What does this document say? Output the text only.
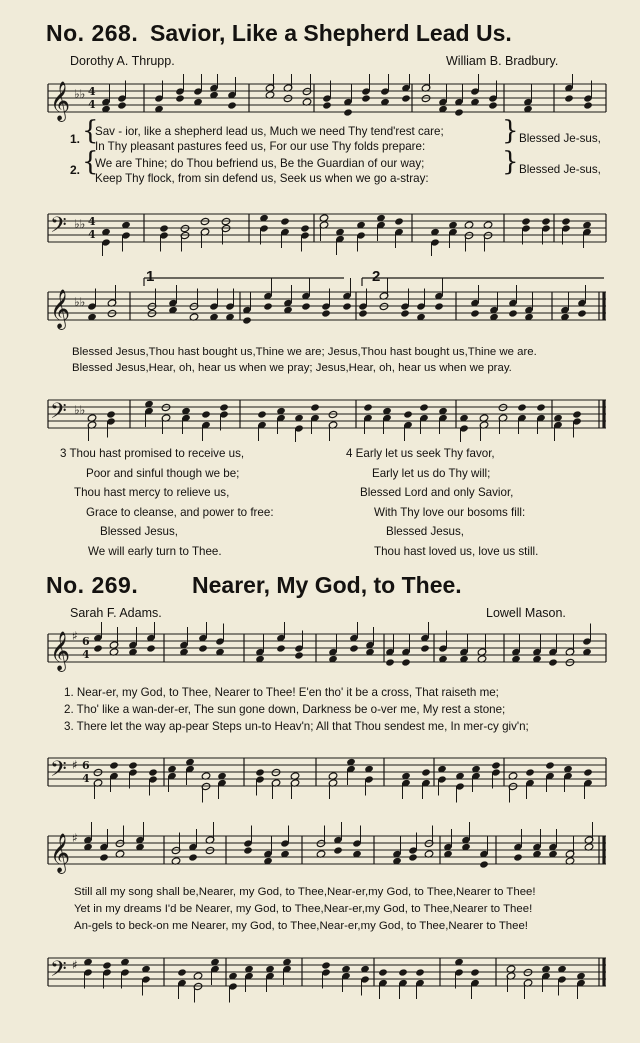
No. 268. Savior, Like a Shepherd Lead Us.
Dorothy A. Thrupp.	William B. Bradbury.
𝄞 ♭♭ 4
4
𝄢 ♭♭ 4
4
1. {
Sav - ior, like a shepherd lead us, Much we need Thy tend'rest care;
In Thy pleasant pastures feed us, For our use Thy folds prepare:
} Blessed Je-sus,
2. {
We are Thine; do Thou befriend us, Be the Guardian of our way;
Keep Thy flock, from sin defend us, Seek us when we go a-stray:
} Blessed Je-sus,
𝄞 ♭♭
1	2
Blessed Jesus,Thou hast bought us,Thine we are; Jesus,Thou hast bought us,Thine we are.
Blessed Jesus,Hear, oh, hear us when we pray; Jesus,Hear, oh, hear us when we pray.
𝄢 ♭♭
3 Thou hast promised to receive us,
Poor and sinful though we be;
Thou hast mercy to relieve us,
Grace to cleanse, and power to free:
Blessed Jesus,
We will early turn to Thee.
4 Early let us seek Thy favor,
Early let us do Thy will;
Blessed Lord and only Savior,
With Thy love our bosoms fill:
Blessed Jesus,
Thou hast loved us, love us still.
No. 269. Nearer, My God, to Thee.
Sarah F. Adams.	Lowell Mason.
𝄞 ♯ 6
4
1. Near-er, my God, to Thee, Nearer to Thee! E'en tho' it be a cross, That raiseth me;
2. Tho' like a wan-der-er, The sun gone down, Darkness be o-ver me, My rest a stone;
3. There let the way ap-pear Steps un-to Heav'n; All that Thou sendest me, In mer-cy giv'n;
𝄢 ♯ 6
4
𝄞 ♯
Still all my song shall be,Nearer, my God, to Thee,Near-er,my God, to Thee,Nearer to Thee!
Yet in my dreams I'd be Nearer, my God, to Thee,Near-er,my God, to Thee,Nearer to Thee!
An-gels to beck-on me Nearer, my God, to Thee,Near-er,my God, to Thee,Nearer to Thee!
𝄢 ♯
